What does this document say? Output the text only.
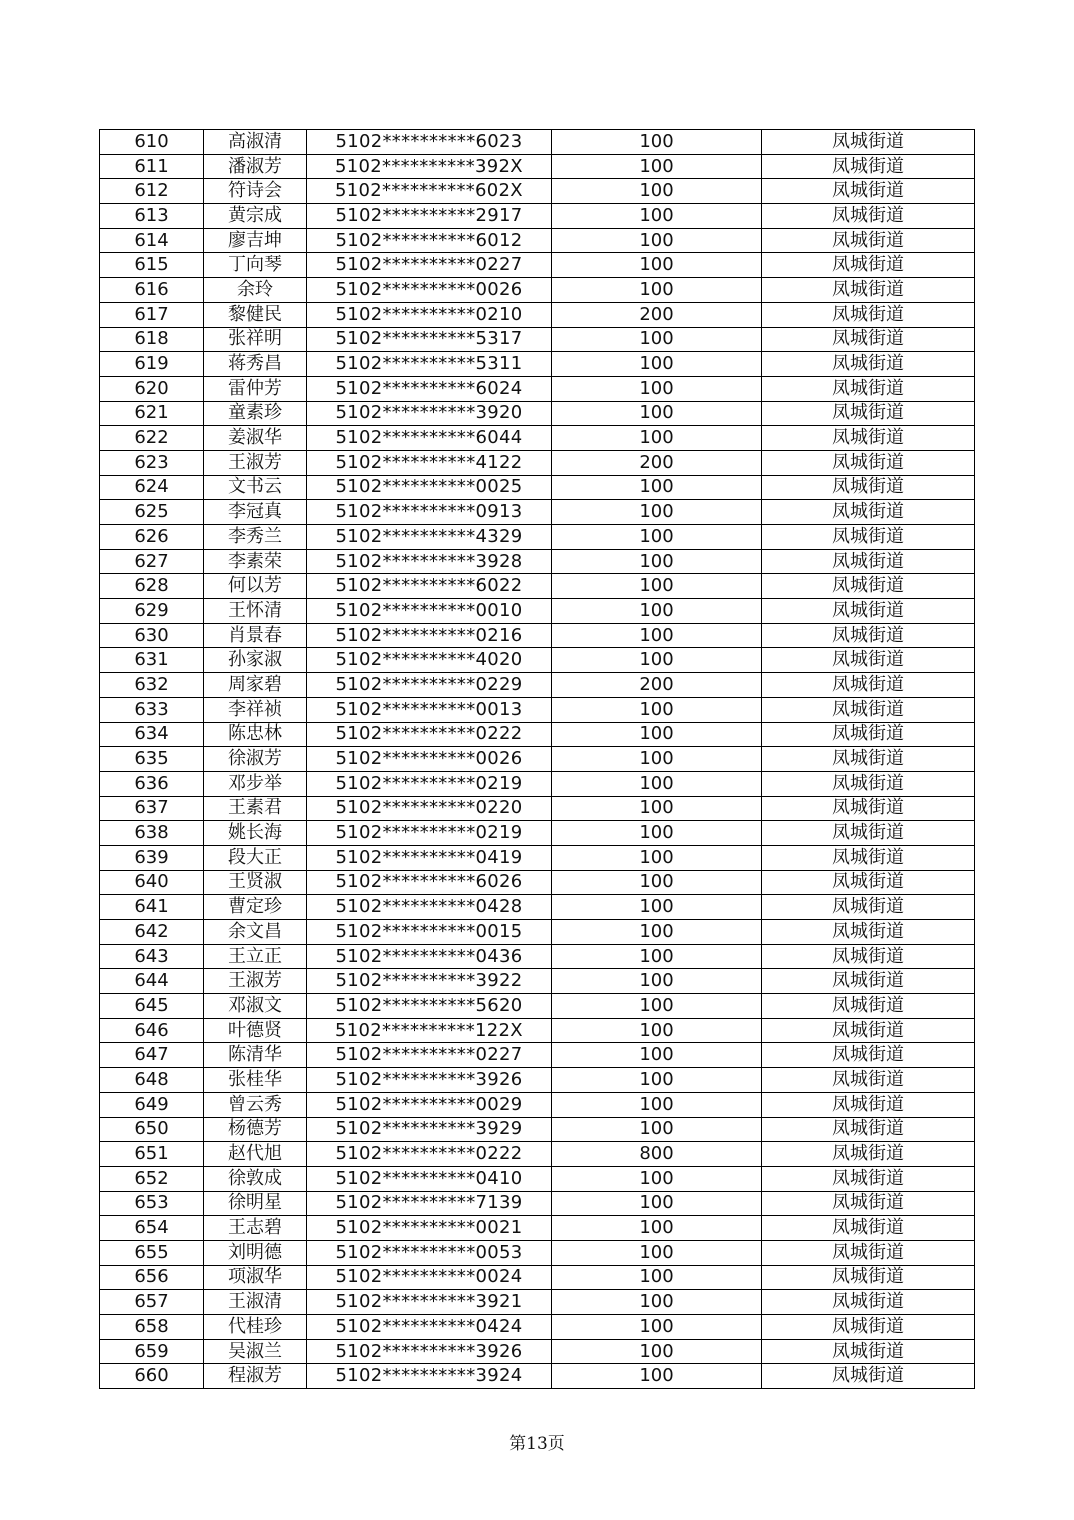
610	高淑清	5102**********6023	100	凤城街道
611	潘淑芳	5102**********392X	100	凤城街道
612	符诗会	5102**********602X	100	凤城街道
613	黄宗成	5102**********2917	100	凤城街道
614	廖吉坤	5102**********6012	100	凤城街道
615	丁向琴	5102**********0227	100	凤城街道
616	余玲	5102**********0026	100	凤城街道
617	黎健民	5102**********0210	200	凤城街道
618	张祥明	5102**********5317	100	凤城街道
619	蒋秀昌	5102**********5311	100	凤城街道
620	雷仲芳	5102**********6024	100	凤城街道
621	童素珍	5102**********3920	100	凤城街道
622	姜淑华	5102**********6044	100	凤城街道
623	王淑芳	5102**********4122	200	凤城街道
624	文书云	5102**********0025	100	凤城街道
625	李冠真	5102**********0913	100	凤城街道
626	李秀兰	5102**********4329	100	凤城街道
627	李素荣	5102**********3928	100	凤城街道
628	何以芳	5102**********6022	100	凤城街道
629	王怀清	5102**********0010	100	凤城街道
630	肖景春	5102**********0216	100	凤城街道
631	孙家淑	5102**********4020	100	凤城街道
632	周家碧	5102**********0229	200	凤城街道
633	李祥祯	5102**********0013	100	凤城街道
634	陈忠林	5102**********0222	100	凤城街道
635	徐淑芳	5102**********0026	100	凤城街道
636	邓步举	5102**********0219	100	凤城街道
637	王素君	5102**********0220	100	凤城街道
638	姚长海	5102**********0219	100	凤城街道
639	段大正	5102**********0419	100	凤城街道
640	王贤淑	5102**********6026	100	凤城街道
641	曹定珍	5102**********0428	100	凤城街道
642	余文昌	5102**********0015	100	凤城街道
643	王立正	5102**********0436	100	凤城街道
644	王淑芳	5102**********3922	100	凤城街道
645	邓淑文	5102**********5620	100	凤城街道
646	叶德贤	5102**********122X	100	凤城街道
647	陈清华	5102**********0227	100	凤城街道
648	张桂华	5102**********3926	100	凤城街道
649	曾云秀	5102**********0029	100	凤城街道
650	杨德芳	5102**********3929	100	凤城街道
651	赵代旭	5102**********0222	800	凤城街道
652	徐敦成	5102**********0410	100	凤城街道
653	徐明星	5102**********7139	100	凤城街道
654	王志碧	5102**********0021	100	凤城街道
655	刘明德	5102**********0053	100	凤城街道
656	项淑华	5102**********0024	100	凤城街道
657	王淑清	5102**********3921	100	凤城街道
658	代桂珍	5102**********0424	100	凤城街道
659	吴淑兰	5102**********3926	100	凤城街道
660	程淑芳	5102**********3924	100	凤城街道
第13页
